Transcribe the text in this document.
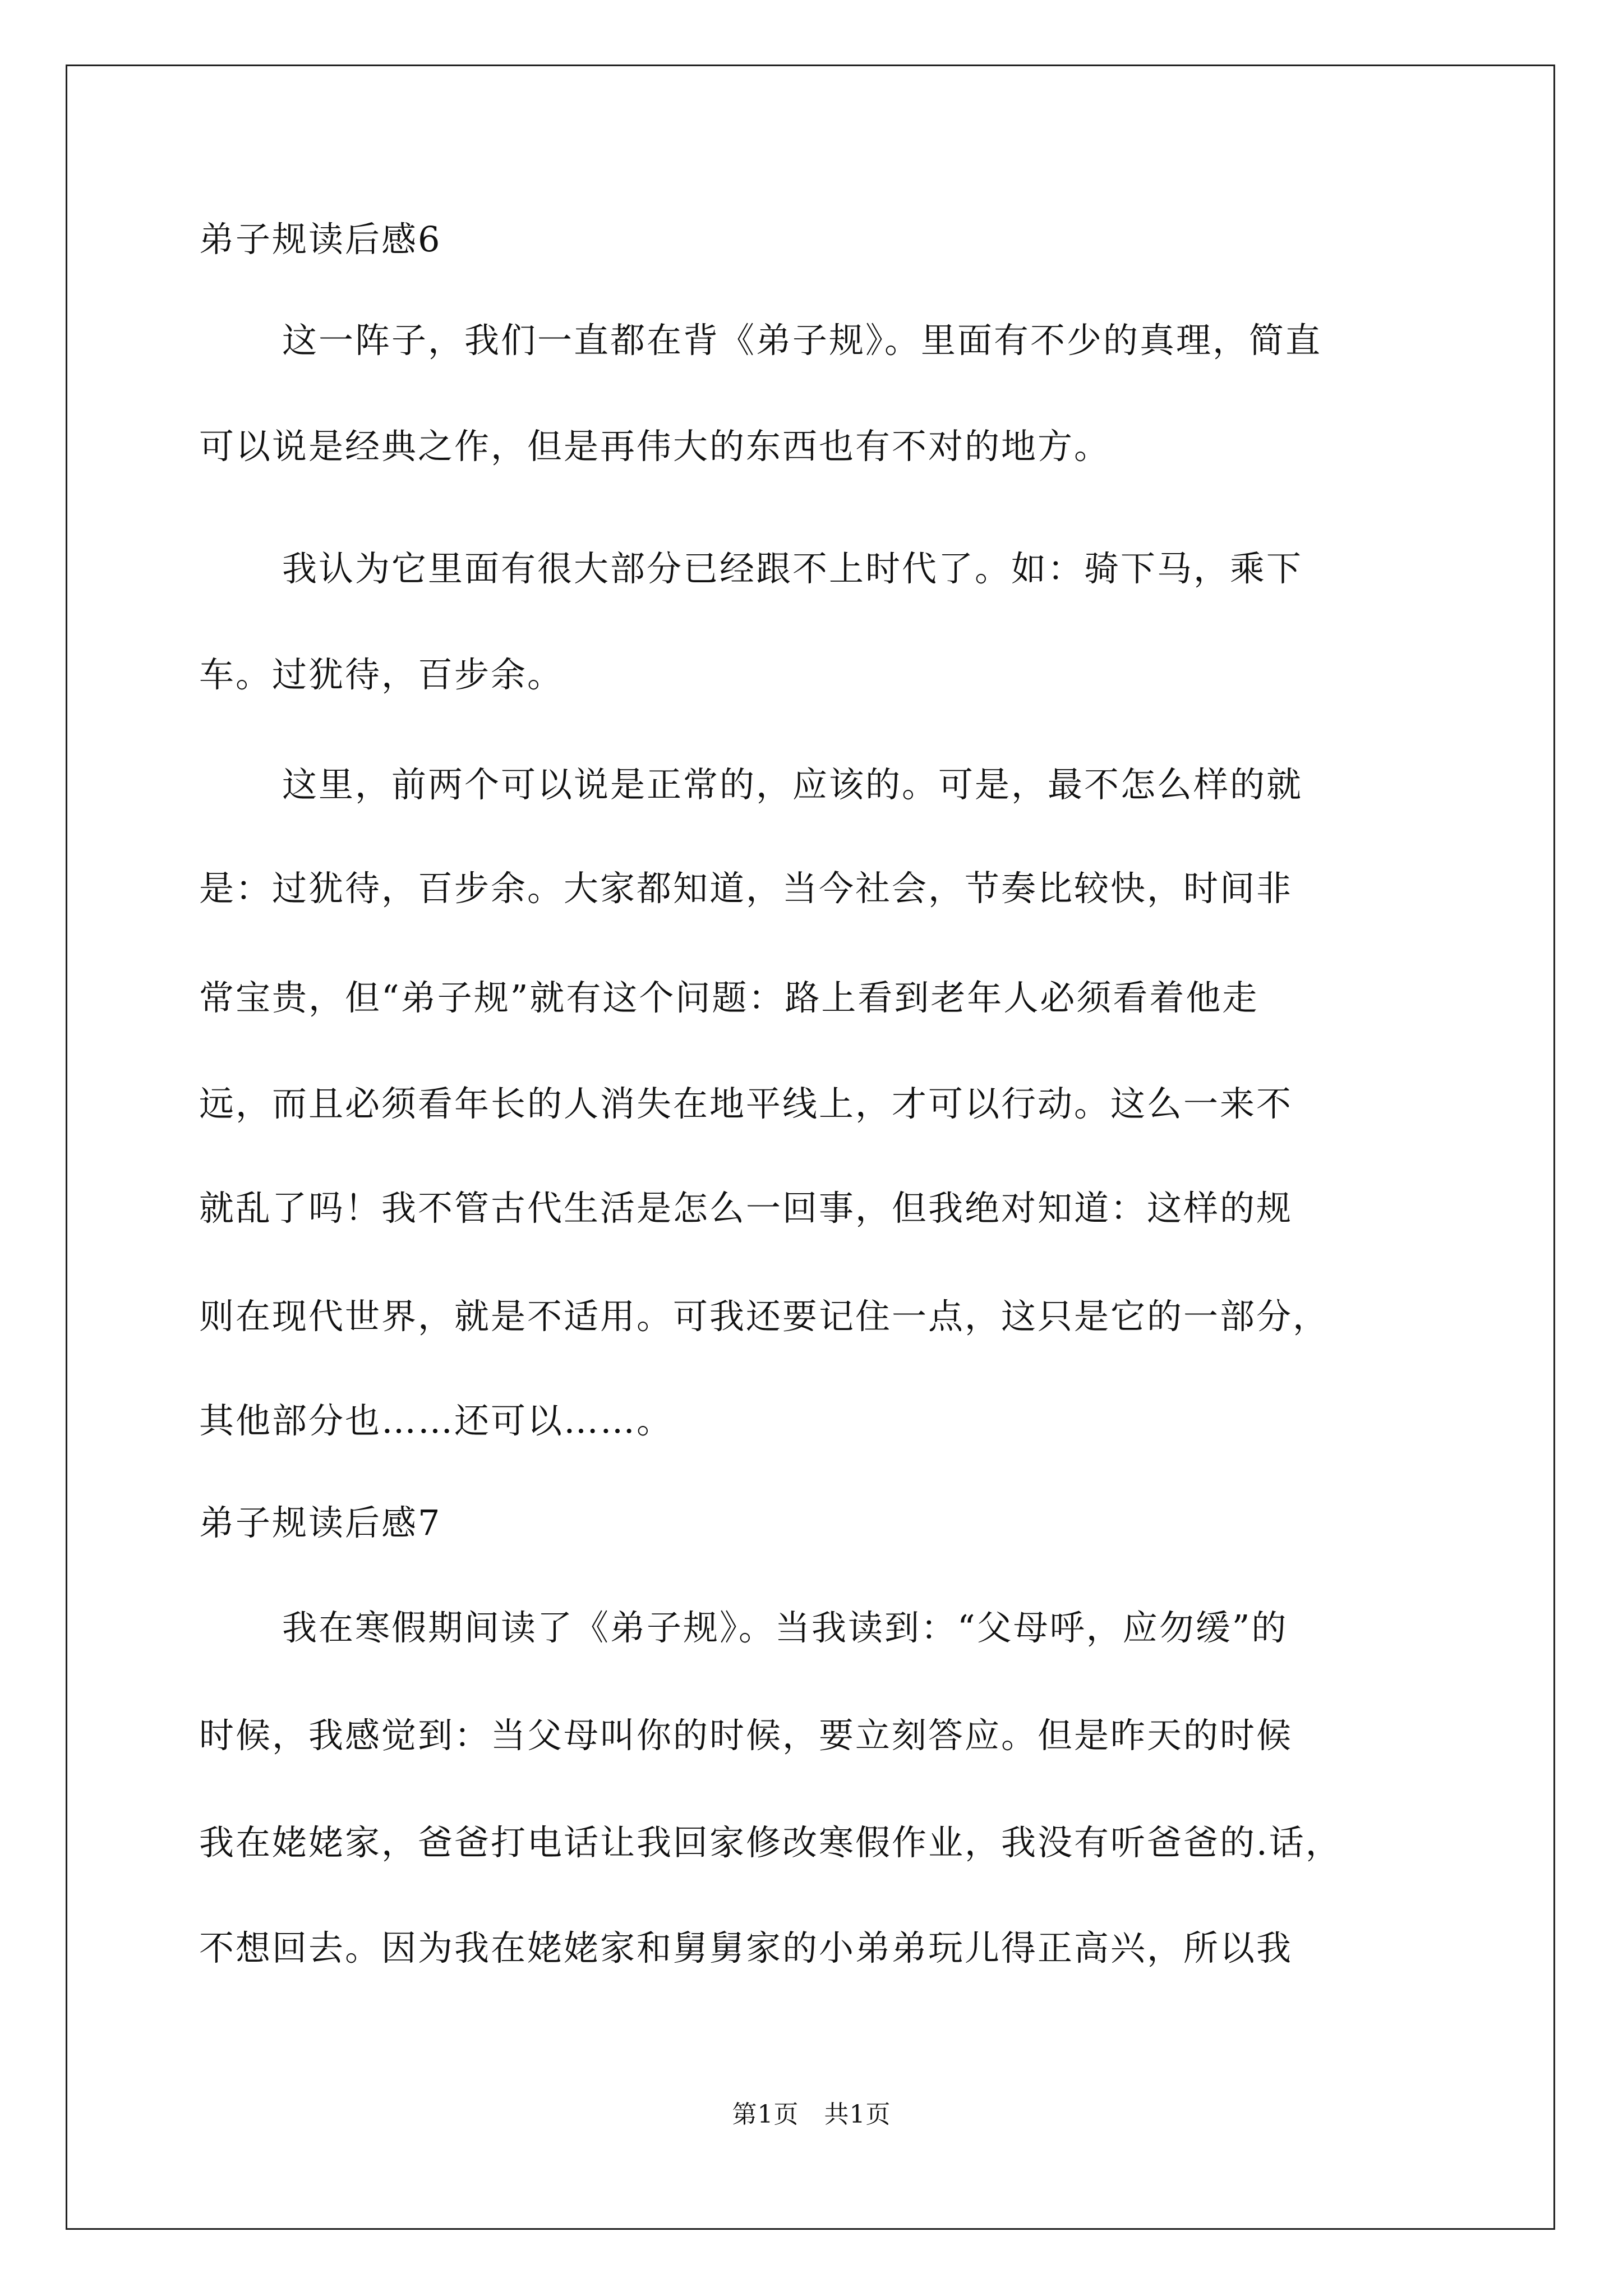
弟子规读后感6
这一阵子，我们一直都在背《弟子规》。里面有不少的真理，简直
可以说是经典之作，但是再伟大的东西也有不对的地方。
我认为它里面有很大部分已经跟不上时代了。如：骑下马，乘下
车。过犹待，百步余。
这里，前两个可以说是正常的，应该的。可是，最不怎么样的就
是：过犹待，百步余。大家都知道，当今社会，节奏比较快，时间非
常宝贵，但“弟子规”就有这个问题：路上看到老年人必须看着他走
远，而且必须看年长的人消失在地平线上，才可以行动。这么一来不
就乱了吗！我不管古代生活是怎么一回事，但我绝对知道：这样的规
则在现代世界，就是不适用。可我还要记住一点，这只是它的一部分，
其他部分也……还可以……。
弟子规读后感7
我在寒假期间读了《弟子规》。当我读到：“父母呼，应勿缓”的
时候，我感觉到：当父母叫你的时候，要立刻答应。但是昨天的时候
我在姥姥家，爸爸打电话让我回家修改寒假作业，我没有听爸爸的.话，
不想回去。因为我在姥姥家和舅舅家的小弟弟玩儿得正高兴，所以我
第1页　共1页
